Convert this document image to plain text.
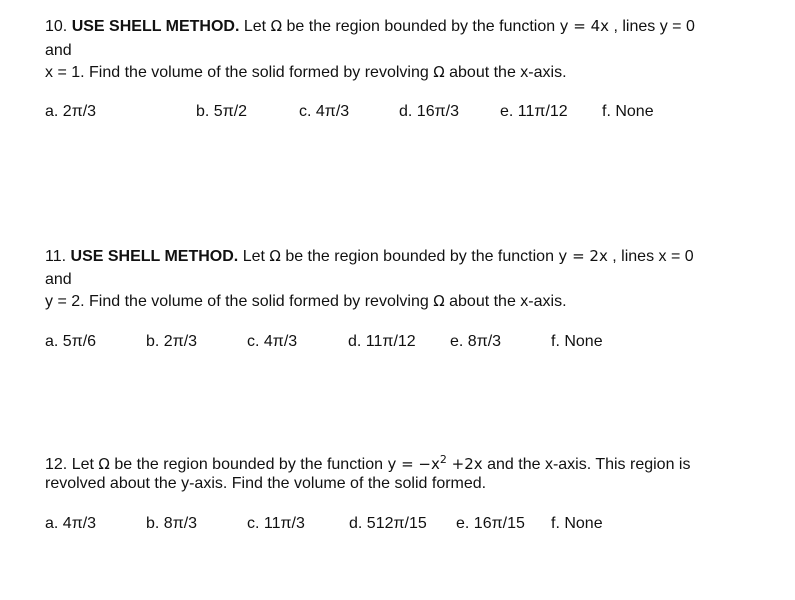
10. USE SHELL METHOD. Let Ω be the region bounded by the function y = 4x , lines y = 0
and
x = 1. Find the volume of the solid formed by revolving Ω about the x-axis.
a. 2π/3	b. 5π/2	c. 4π/3	d. 16π/3	e. 11π/12 f. None
11. USE SHELL METHOD. Let Ω be the region bounded by the function y = 2x , lines x = 0
and
y = 2. Find the volume of the solid formed by revolving Ω about the x-axis.
a. 5π/6	b. 2π/3	c. 4π/3	d. 11π/12 e. 8π/3	f. None
12. Let Ω be the region bounded by the function $y = -x^2 +2x$ and the x-axis. This region is
revolved about the y-axis. Find the volume of the solid formed.
a. 4π/3	b. 8π/3	c. 11π/3	d. 512π/15 e. 16π/15 f. None
